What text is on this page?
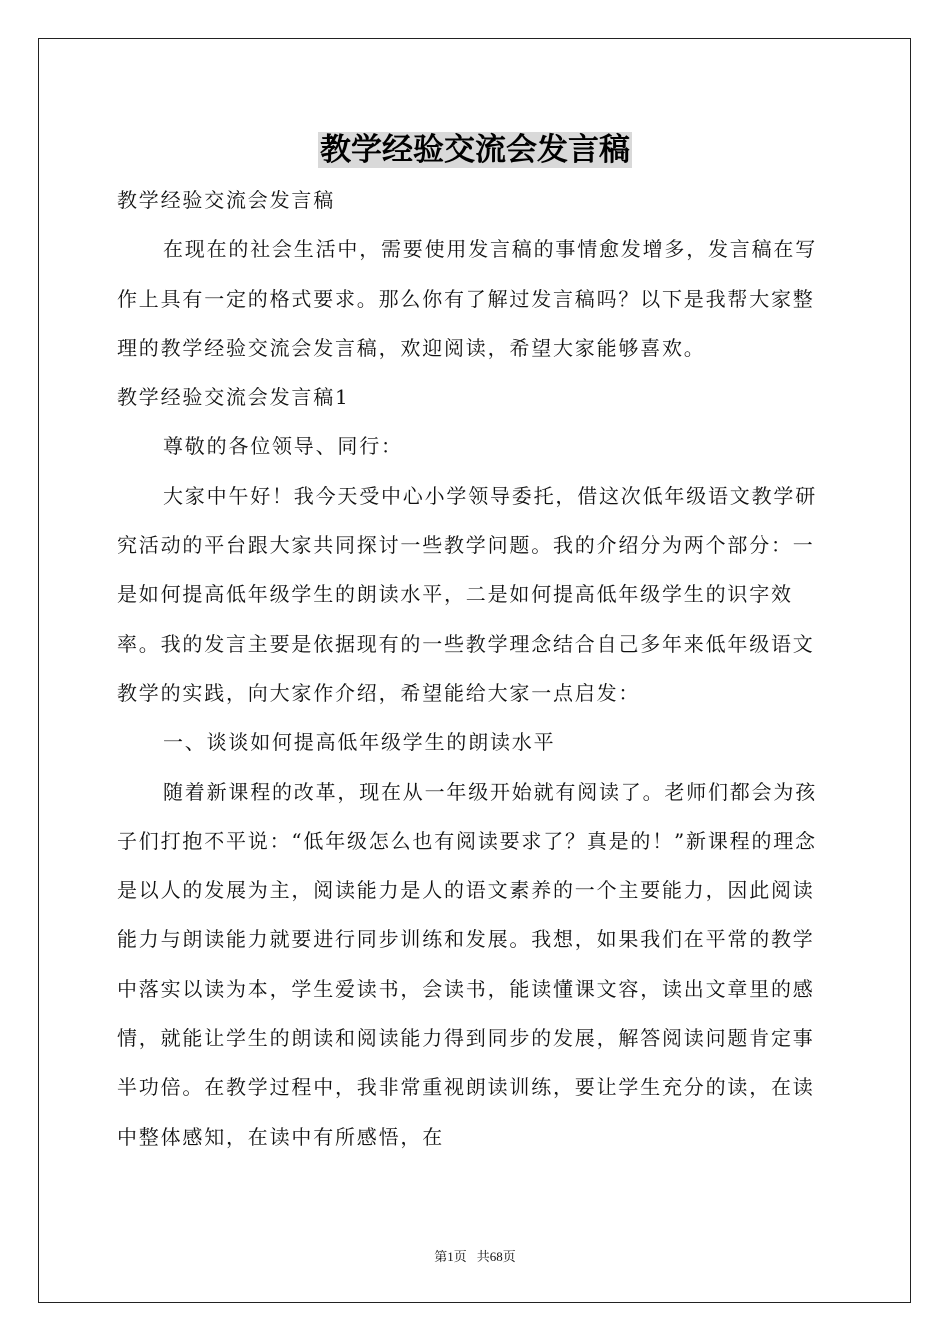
教学经验交流会发言稿

教学经验交流会发言稿

在现在的社会生活中，需要使用发言稿的事情愈发增多，发言稿在写作上具有一定的格式要求。那么你有了解过发言稿吗？以下是我帮大家整理的教学经验交流会发言稿，欢迎阅读，希望大家能够喜欢。

教学经验交流会发言稿1

尊敬的各位领导、同行：

大家中午好！我今天受中心小学领导委托，借这次低年级语文教学研究活动的平台跟大家共同探讨一些教学问题。我的介绍分为两个部分：一是如何提高低年级学生的朗读水平，二是如何提高低年级学生的识字效率。我的发言主要是依据现有的一些教学理念结合自己多年来低年级语文教学的实践，向大家作介绍，希望能给大家一点启发：

一、谈谈如何提高低年级学生的朗读水平

随着新课程的改革，现在从一年级开始就有阅读了。老师们都会为孩子们打抱不平说：“低年级怎么也有阅读要求了？真是的！”新课程的理念是以人的发展为主，阅读能力是人的语文素养的一个主要能力，因此阅读能力与朗读能力就要进行同步训练和发展。我想，如果我们在平常的教学中落实以读为本，学生爱读书，会读书，能读懂课文容，读出文章里的感情，就能让学生的朗读和阅读能力得到同步的发展，解答阅读问题肯定事半功倍。在教学过程中，我非常重视朗读训练，要让学生充分的读，在读中整体感知，在读中有所感悟，在

第1页 共68页
